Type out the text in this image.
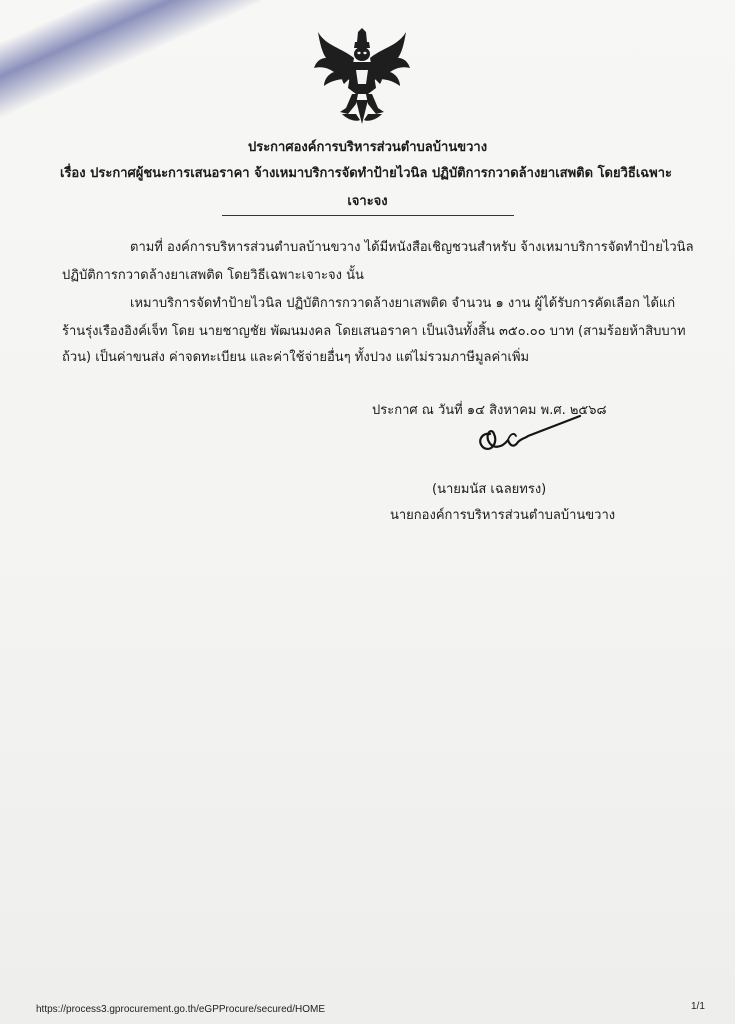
ประกาศองค์การบริหารส่วนตำบลบ้านขวาง
เรื่อง ประกาศผู้ชนะการเสนอราคา จ้างเหมาบริการจัดทำป้ายไวนิล ปฏิบัติการกวาดล้างยาเสพติด โดยวิธีเฉพาะ
เจาะจง
ตามที่ องค์การบริหารส่วนตำบลบ้านขวาง ได้มีหนังสือเชิญชวนสำหรับ จ้างเหมาบริการจัดทำป้ายไวนิล
ปฏิบัติการกวาดล้างยาเสพติด โดยวิธีเฉพาะเจาะจง นั้น
เหมาบริการจัดทำป้ายไวนิล ปฏิบัติการกวาดล้างยาเสพติด จำนวน ๑ งาน ผู้ได้รับการคัดเลือก ได้แก่
ร้านรุ่งเรืองอิงค์เจ็ท โดย นายชาญชัย พัฒนมงคล โดยเสนอราคา เป็นเงินทั้งสิ้น ๓๕๐.๐๐ บาท (สามร้อยห้าสิบบาท
ถ้วน) เป็นค่าขนส่ง ค่าจดทะเบียน และค่าใช้จ่ายอื่นๆ ทั้งปวง แต่ไม่รวมภาษีมูลค่าเพิ่ม
ประกาศ ณ วันที่ ๑๔ สิงหาคม พ.ศ. ๒๕๖๘
(นายมนัส เฉลยทรง)
นายกองค์การบริหารส่วนตำบลบ้านขวาง
https://process3.gprocurement.go.th/eGPProcure/secured/HOME	1/1
